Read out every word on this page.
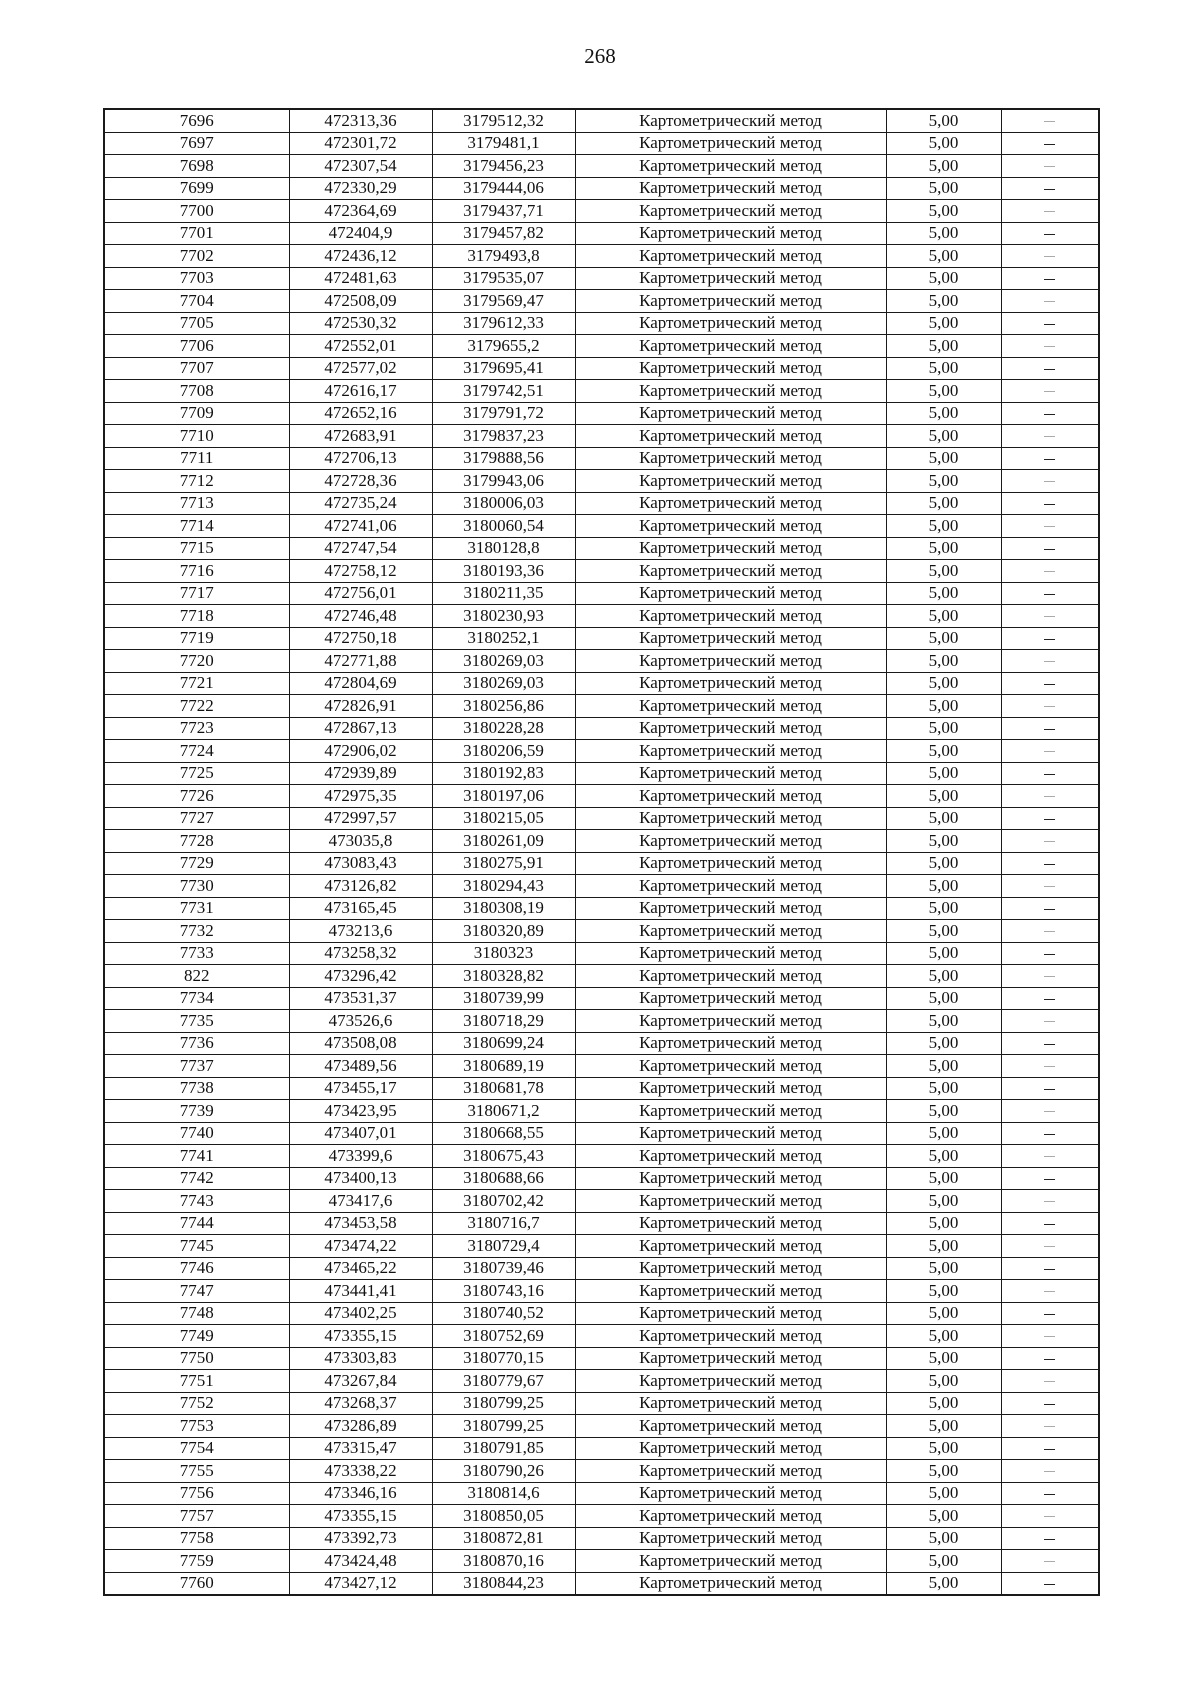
268
7696	472313,36	3179512,32	Картометрический метод	5,00	
7697	472301,72	3179481,1	Картометрический метод	5,00	
7698	472307,54	3179456,23	Картометрический метод	5,00	
7699	472330,29	3179444,06	Картометрический метод	5,00	
7700	472364,69	3179437,71	Картометрический метод	5,00	
7701	472404,9	3179457,82	Картометрический метод	5,00	
7702	472436,12	3179493,8	Картометрический метод	5,00	
7703	472481,63	3179535,07	Картометрический метод	5,00	
7704	472508,09	3179569,47	Картометрический метод	5,00	
7705	472530,32	3179612,33	Картометрический метод	5,00	
7706	472552,01	3179655,2	Картометрический метод	5,00	
7707	472577,02	3179695,41	Картометрический метод	5,00	
7708	472616,17	3179742,51	Картометрический метод	5,00	
7709	472652,16	3179791,72	Картометрический метод	5,00	
7710	472683,91	3179837,23	Картометрический метод	5,00	
7711	472706,13	3179888,56	Картометрический метод	5,00	
7712	472728,36	3179943,06	Картометрический метод	5,00	
7713	472735,24	3180006,03	Картометрический метод	5,00	
7714	472741,06	3180060,54	Картометрический метод	5,00	
7715	472747,54	3180128,8	Картометрический метод	5,00	
7716	472758,12	3180193,36	Картометрический метод	5,00	
7717	472756,01	3180211,35	Картометрический метод	5,00	
7718	472746,48	3180230,93	Картометрический метод	5,00	
7719	472750,18	3180252,1	Картометрический метод	5,00	
7720	472771,88	3180269,03	Картометрический метод	5,00	
7721	472804,69	3180269,03	Картометрический метод	5,00	
7722	472826,91	3180256,86	Картометрический метод	5,00	
7723	472867,13	3180228,28	Картометрический метод	5,00	
7724	472906,02	3180206,59	Картометрический метод	5,00	
7725	472939,89	3180192,83	Картометрический метод	5,00	
7726	472975,35	3180197,06	Картометрический метод	5,00	
7727	472997,57	3180215,05	Картометрический метод	5,00	
7728	473035,8	3180261,09	Картометрический метод	5,00	
7729	473083,43	3180275,91	Картометрический метод	5,00	
7730	473126,82	3180294,43	Картометрический метод	5,00	
7731	473165,45	3180308,19	Картометрический метод	5,00	
7732	473213,6	3180320,89	Картометрический метод	5,00	
7733	473258,32	3180323	Картометрический метод	5,00	
822	473296,42	3180328,82	Картометрический метод	5,00	
7734	473531,37	3180739,99	Картометрический метод	5,00	
7735	473526,6	3180718,29	Картометрический метод	5,00	
7736	473508,08	3180699,24	Картометрический метод	5,00	
7737	473489,56	3180689,19	Картометрический метод	5,00	
7738	473455,17	3180681,78	Картометрический метод	5,00	
7739	473423,95	3180671,2	Картометрический метод	5,00	
7740	473407,01	3180668,55	Картометрический метод	5,00	
7741	473399,6	3180675,43	Картометрический метод	5,00	
7742	473400,13	3180688,66	Картометрический метод	5,00	
7743	473417,6	3180702,42	Картометрический метод	5,00	
7744	473453,58	3180716,7	Картометрический метод	5,00	
7745	473474,22	3180729,4	Картометрический метод	5,00	
7746	473465,22	3180739,46	Картометрический метод	5,00	
7747	473441,41	3180743,16	Картометрический метод	5,00	
7748	473402,25	3180740,52	Картометрический метод	5,00	
7749	473355,15	3180752,69	Картометрический метод	5,00	
7750	473303,83	3180770,15	Картометрический метод	5,00	
7751	473267,84	3180779,67	Картометрический метод	5,00	
7752	473268,37	3180799,25	Картометрический метод	5,00	
7753	473286,89	3180799,25	Картометрический метод	5,00	
7754	473315,47	3180791,85	Картометрический метод	5,00	
7755	473338,22	3180790,26	Картометрический метод	5,00	
7756	473346,16	3180814,6	Картометрический метод	5,00	
7757	473355,15	3180850,05	Картометрический метод	5,00	
7758	473392,73	3180872,81	Картометрический метод	5,00	
7759	473424,48	3180870,16	Картометрический метод	5,00	
7760	473427,12	3180844,23	Картометрический метод	5,00	
